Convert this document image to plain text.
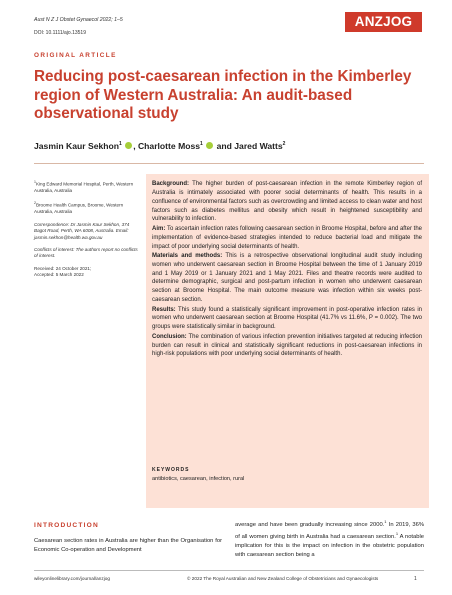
Aust N Z J Obstet Gynaecol 2022; 1–5
DOI: 10.1111/ajo.13519
ANZJOG
ORIGINAL ARTICLE
Reducing post-caesarean infection in the Kimberley region of Western Australia: An audit-based observational study
Jasmin Kaur Sekhon$^1$ , Charlotte Moss$^1$ and Jared Watts$^2$

$^1$King Edward Memorial Hospital, Perth, Western Australia, Australia

$^2$Broome Health Campus, Broome, Western Australia, Australia

Correspondence: Dr Jasmin Kaur Sekhon, 374 Bagot Road, Perth, WA 6008, Australia. Email: jasmin.sekhon@health.wa.gov.au

Conflicts of interest: The authors report no conflicts of interest.

Received: 24 October 2021;
Accepted: 5 March 2022

Background: The higher burden of post-caesarean infection in the remote Kimberley region of Australia is intimately associated with poorer social determinants of health. This results in a confluence of environmental factors such as overcrowding and limited access to clean water and host factors such as diabetes mellitus and obesity which result in heightened susceptibility and vulnerability to infection.

Aim: To ascertain infection rates following caesarean section in Broome Hospital, before and after the implementation of evidence-based strategies intended to reduce bacterial load and mitigate the impact of poor underlying social determinants of health.

Materials and methods: This is a retrospective observational longitudinal audit study including women who underwent caesarean section in Broome Hospital between the time of 1 January 2019 and 1 May 2019 or 1 January 2021 and 1 May 2021. Files and theatre records were audited to determine demographic, surgical and post-partum infection in women who underwent caesarean section at Broome Hospital. The main outcome measure was infection within six weeks post-caesarean section.

Results: This study found a statistically significant improvement in post-operative infection rates in women who underwent caesarean section at Broome Hospital (41.7% vs 11.6%, P = 0.002). The two groups were statistically similar in background.

Conclusion: The combination of various infection prevention initiatives targeted at reducing infection burden can result in clinical and statistically significant reductions in post-caesarean infections in high-risk populations with poor underlying social determinants of health.

KEYWORDS
antibiotics, caesarean, infection, rural
INTRODUCTION
Caesarean section rates in Australia are higher than the Organisation for Economic Co-operation and Development
average and have been gradually increasing since 2000.$^1$ In 2019, 36% of all women giving birth in Australia had a caesarean section.$^1$ A notable implication for this is the impact on infection in the obstetric population with caesarean section being a
wileyonlinelibrary.com/journal/anzjog	© 2022 The Royal Australian and New Zealand College of Obstetricians and Gynaecologists	1
